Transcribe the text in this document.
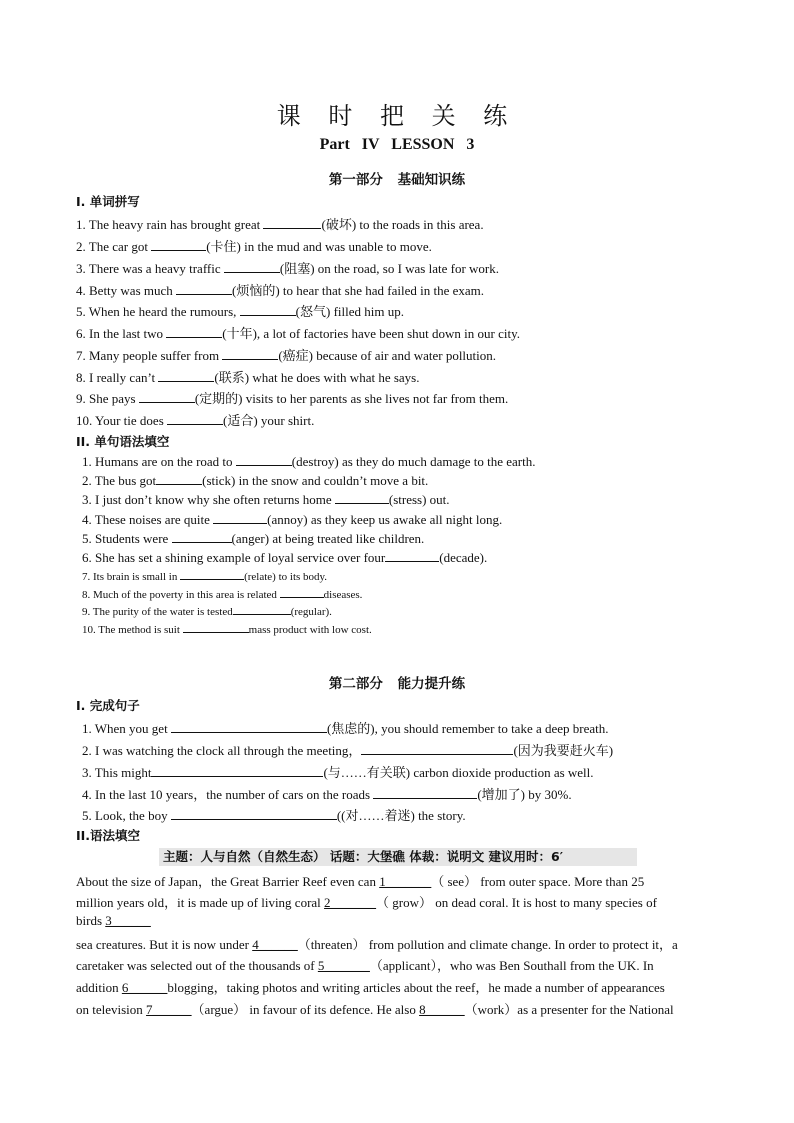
课 时 把 关 练
Part IV LESSON 3
第一部分 基础知识练
I. 单词拼写
1. The heavy rain has brought great	(破坏) to the roads in this area.
2. The car got	(卡住) in the mud and was unable to move.
3. There was a heavy traffic	(阻塞) on the road, so I was late for work.
4. Betty was much	(烦恼的) to hear that she had failed in the exam.
5. When he heard the rumours,	(怒气) filled him up.
6. In the last two	(十年), a lot of factories have been shut down in our city.
7. Many people suffer from	(癌症) because of air and water pollution.
8. I really can’t	(联系) what he does with what he says.
9. She pays	(定期的) visits to her parents as she lives not far from them.
10. Your tie does	(适合) your shirt.
II. 单句语法填空
1. Humans are on the road to	(destroy) as they do much damage to the earth.
2. The bus got	(stick) in the snow and couldn’t move a bit.
3. I just don’t know why she often returns home	(stress) out.
4. These noises are quite	(annoy) as they keep us awake all night long.
5. Students were	(anger) at being treated like children.
6. She has set a shining example of loyal service over four	(decade).
7. Its brain is small in	(relate) to its body.
8. Much of the poverty in this area is related	diseases.
9. The purity of the water is tested	(regular).
10. The method is suit	mass product with low cost.
第二部分 能力提升练
I. 完成句子
1. When you get	(焦虑的), you should remember to take a deep breath.
2. I was watching the clock all through the meeting，	(因为我要赶火车)
3. This might	(与……有关联) carbon dioxide production as well.
4. In the last 10 years，the number of cars on the roads	(增加了) by 30%.
5. Look, the boy	((对……着迷) the story.
II.语法填空
主题：人与自然（自然生态） 话题：大堡礁 体裁：说明文 建议用时：6′
About the size of Japan，the Great Barrier Reef even can 1_______（ see） from outer space. More than 25
million years old，it is made up of living coral 2_______（ grow） on dead coral. It is host to many species of
birds 3______
sea creatures. But it is now under 4______（threaten） from pollution and climate change. In order to protect it，a
caretaker was selected out of the thousands of 5_______（applicant），who was Ben Southall from the UK. In
addition 6______blogging，taking photos and writing articles about the reef，he made a number of appearances
on television 7______（argue） in favour of its defence. He also 8______（work）as a presenter for the National
